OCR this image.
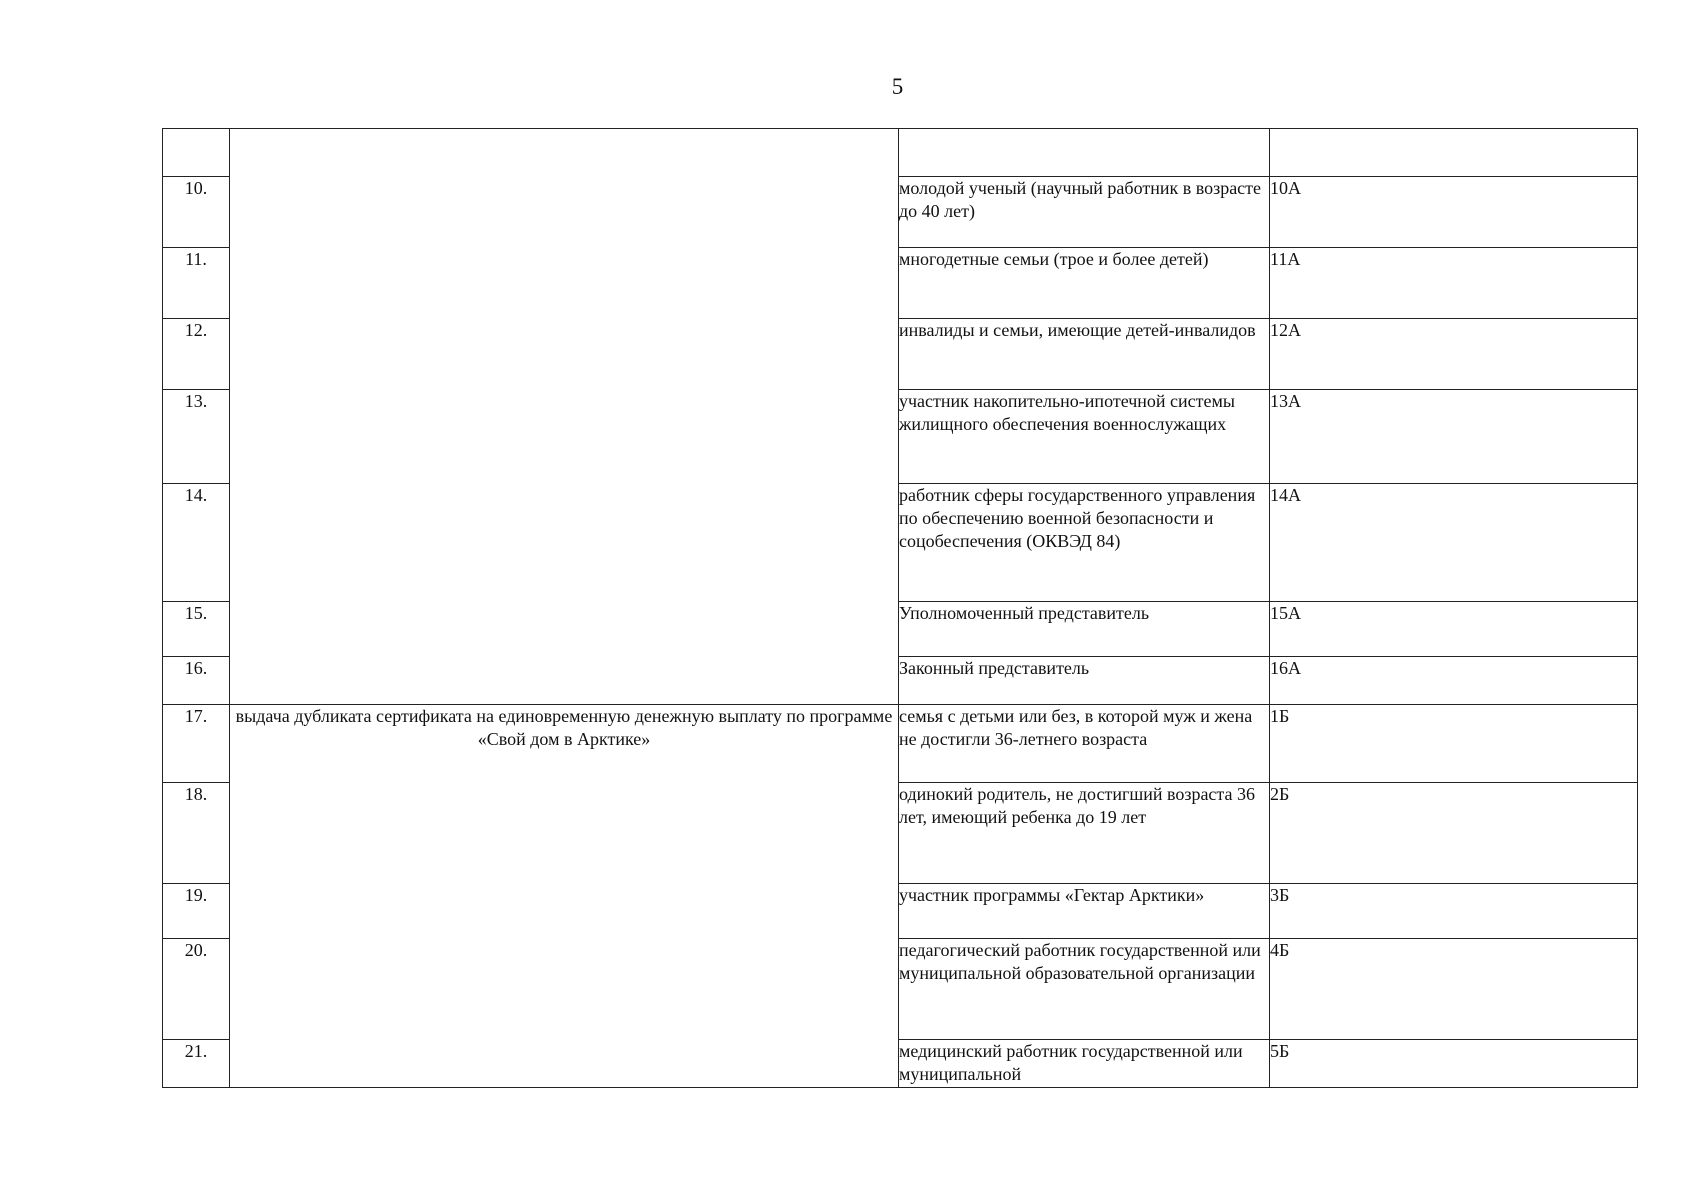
5

10.		молодой ученый (научный работник в возрасте до 40 лет)	10А
11.		многодетные семьи (трое и более детей)	11А
12.		инвалиды и семьи, имеющие детей-инвалидов	12А
13.		участник накопительно-ипотечной системы жилищного обеспечения военнослужащих	13А
14.		работник сферы государственного управления по обеспечению военной безопасности и соцобеспечения (ОКВЭД 84)	14А
15.		Уполномоченный представитель	15А
16.		Законный представитель	16А
17.	выдача дубликата сертификата на единовременную денежную выплату по программе «Свой дом в Арктике»	семья с детьми или без, в которой муж и жена не достигли 36-летнего возраста	1Б
18.		одинокий родитель, не достигший возраста 36 лет, имеющий ребенка до 19 лет	2Б
19.		участник программы «Гектар Арктики»	3Б
20.		педагогический работник государственной или муниципальной образовательной организации	4Б
21.		медицинский работник государственной или муниципальной	5Б
